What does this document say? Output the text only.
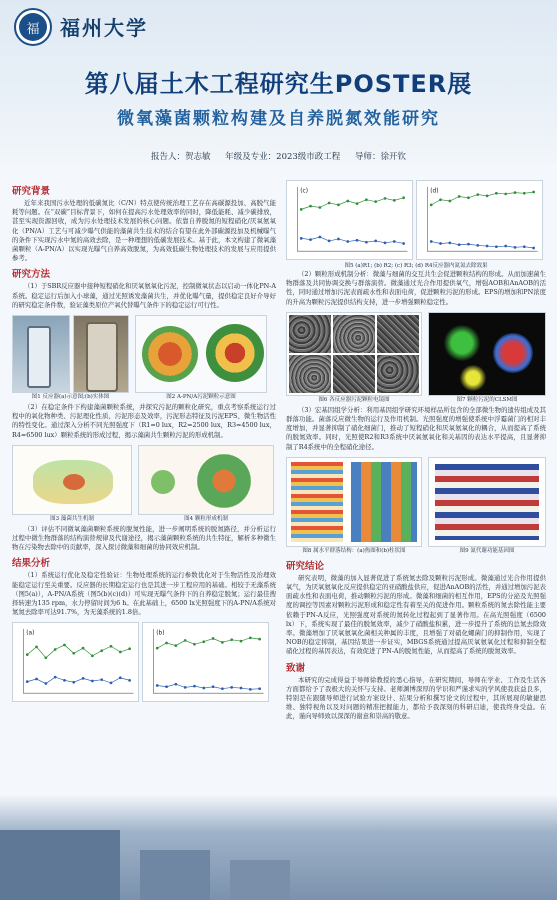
福	福州大学
第八届土木工程研究生POSTER展
微氧藻菌颗粒构建及自养脱氮效能研究
报告人：贺志敏 年级及专业：2023级市政工程 导师：徐开钦
研究背景
近年来我国污水处理的低碳氮比（C/N）特点使传统治理工艺存在高碳源投加、高脱气能耗等问题。在“双碳”目标背景下，如何在提高污水处理效率的同时，降低能耗、减少碳排放，甚至实现资源回收，成为污水处理技术发展的核心问题。依靠自养脱氮的短程硝化/厌氧氨氧化（PN/A）工艺与可减少曝气供能的藻菌共生技术的结合有望在此外部碳源投加及机械曝气的条件下实现污水中氮的高效去除，是一种理想的低碳发展技术。基于此，本文构建了微氧藻菌颗粒（A-PN/A）以实现光曝气自养高效脱氮，为高效低碳生物处理技术的发展与应用提供参考。
研究方法
（1）于SBR反应器中接种短程硝化和厌氧氨氧化污泥，控制微氧状态以启动一体化PN-A系统。稳定运行后加入小球藻，通过光照诱发藻菌共生，并优化曝气量，提供稳定良好介导好的研究稳定条件数，验证藻类原位产氧代替曝气条件下的稳定运行可行性。
图1 反应器(a)示意图;(b)实体图	图2 A-PN/A污泥颗粒示意图
（2）在稳定条件下构建藻菌颗粒系统，并探究污泥的颗粒化研究，重点考察系统运行过程中的氧化物种类、污泥理化性质、污泥形态及效率，污泥形态特征及污泥EPS、微生物活性的特性变化。通过深入分析不同光照强度下（R1=0 lux，R2=2500 lux，R3=4500 lux，R4=6500 lux）颗粒系统的形成过程，揭示藻菌共生颗粒污泥的形成机制。
图3 藻菌共生机制	图4 颗粒形成机制
（3）评估不同微氧藻菌颗粒系统的脱氮性能，进一步阐明系统的脱氮路径，并分析运行过程中微生物群落的结构演替规律及代谢途径，揭示藻菌颗粒系统的共生特征，解析多种微生物在污染物去除中的贡献率，深入探讨微藻和细菌的协同效应机制。
结果分析
（1）系统运行优化及稳定性验证：生物处理系统的运行参数优化对于生物活性及治理效能稳定运行至关重要。反应器的长期稳定运行也是其进一步工程应用的基础。相较于无藻系统（图5(a)），A-PN/A系统（图5(b)(c)(d)）可实现无曝气条件下的自养稳定脱氮；运行最佳搜择转速为135 rpm，水力停留时间为6 h。在此基础上，6500 lx光照强度下的A-PN/A系统对氮氮去除率可达91.7%，为无藻系统的1.8倍。
(a)	(b)
(c)	(d)
图5 (a)R1; (b) R2; (c) R3; (d) R4反应器内氮氮去除效果
（2）颗粒形成机制分析：微藻与细菌的交互共生会促进颗粒结构的形成。从而加速菌生物群落及共同协调交换与群落演替。微藻通过光合作用提供氧气，增强AOB和AnAOB的活性，同时通过增加污泥表面疏水性和表面电荷，促进颗粒污泥的形成。EPS的增加和PN浓度的升高为颗粒污泥提供结构支持，进一步增强颗粒稳定性。
图6 各反应器污泥颗粒电镜图	图7 颗粒污泥的CLSM图
（3）宏基因组学分析：利用基因组学研究环境样品所包含的全部微生物的遗传组成及其群落功能。菌落反应微生物的运行及作用机制。光照强度的增强使系统中浮霉菌门的相对丰度增加，并显著抑制了硝化细菌门，推动了短程硝化和厌氧氨氧化的耦合，从而提高了系统的脱氮效率。同时，光照使R2和R3系统中厌氧氨氧化和关基因的表达水平提高，且显著抑制了R4系统中的全程硝化途径。
图8 属水平群落结构：(a)热图和(b)柱状图	图9 氮代谢功能基因图
研究结论
研究表明，微藻的加入显著促进了系统氮去除及颗粒污泥形成。微藻通过光合作用提供氧气，为厌氧氨氧化反应提供稳定的亚硝酸盐供应，促进AnAOB的活性，并通过增加污泥表面疏水性和表面电荷，推动颗粒污泥的形成。微藻和细菌的相互作用，EPS的分泌及光照强度的调控等因素对颗粒污泥形成和稳定性有着至关的促进作用。颗粒系统的氮去除性能主要依赖于PN-A反应，光照强度对系统的氮转化过程起到了显著作用。在高光照强度（6500 lx）下，系统实现了最佳的脱氮效率，减少了硝酸盐积累，进一步提升了系统的总氮去除效率。微藻增加了厌氧氨氧化菌相关种属的丰度，且增强了对硝化螺菌门的抑制作用，实现了NOB的稳定抑制，基因结果进一步证实，MBGS系统通过提高厌氧氨氧化过程和抑制全程硝化过程的基因表达，有效促进了PN-A的脱氮性能，从而提高了系统的脱氮效率。
致谢
本研究的完成得益于导师徐教授的悉心指导，在研究期间，导师在学业、工作及生活各方面都给予了我极大的关怀与支持。老师渊博深厚的学识和严谨求实的学风使我获益良多，特别是在跟随导师进行试验方案设计、结果分析和撰写论文的过程中，其所展现的敏捷思维、独特视角以及对问题的精准把握能力，都给予我深刻的科研启迪，使我终身受益。在此，谨向导师致以深深的谢意和崇高的敬意。
